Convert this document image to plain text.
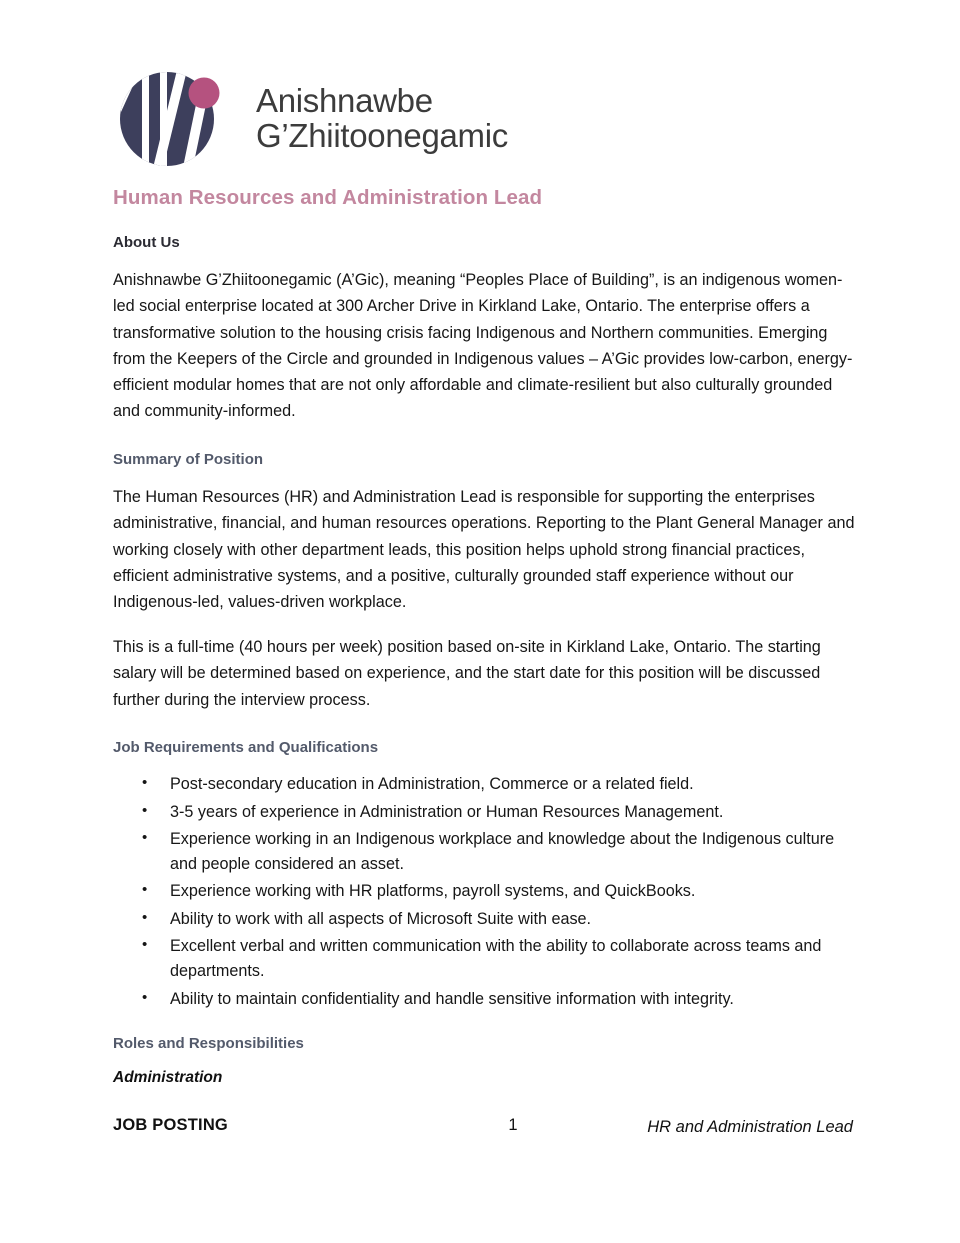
Anishnawbe
G’Zhiitoonegamic
Human Resources and Administration Lead
About Us

Anishnawbe G’Zhiitoonegamic (A’Gic), meaning “Peoples Place of Building”, is an indigenous women-led social enterprise located at 300 Archer Drive in Kirkland Lake, Ontario. The enterprise offers a transformative solution to the housing crisis facing Indigenous and Northern communities. Emerging from the Keepers of the Circle and grounded in Indigenous values – A’Gic provides low-carbon, energy-efficient modular homes that are not only affordable and climate-resilient but also culturally grounded and community-informed.

Summary of Position

The Human Resources (HR) and Administration Lead is responsible for supporting the enterprises administrative, financial, and human resources operations. Reporting to the Plant General Manager and working closely with other department leads, this position helps uphold strong financial practices, efficient administrative systems, and a positive, culturally grounded staff experience without our Indigenous-led, values-driven workplace.

This is a full-time (40 hours per week) position based on-site in Kirkland Lake, Ontario. The starting salary will be determined based on experience, and the start date for this position will be discussed further during the interview process.

Job Requirements and Qualifications
• Post-secondary education in Administration, Commerce or a related field.
• 3-5 years of experience in Administration or Human Resources Management.
• Experience working in an Indigenous workplace and knowledge about the Indigenous culture and people considered an asset.
• Experience working with HR platforms, payroll systems, and QuickBooks.
• Ability to work with all aspects of Microsoft Suite with ease.
• Excellent verbal and written communication with the ability to collaborate across teams and departments.
• Ability to maintain confidentiality and handle sensitive information with integrity.
Roles and Responsibilities
Administration
JOB POSTING	1	HR and Administration Lead
